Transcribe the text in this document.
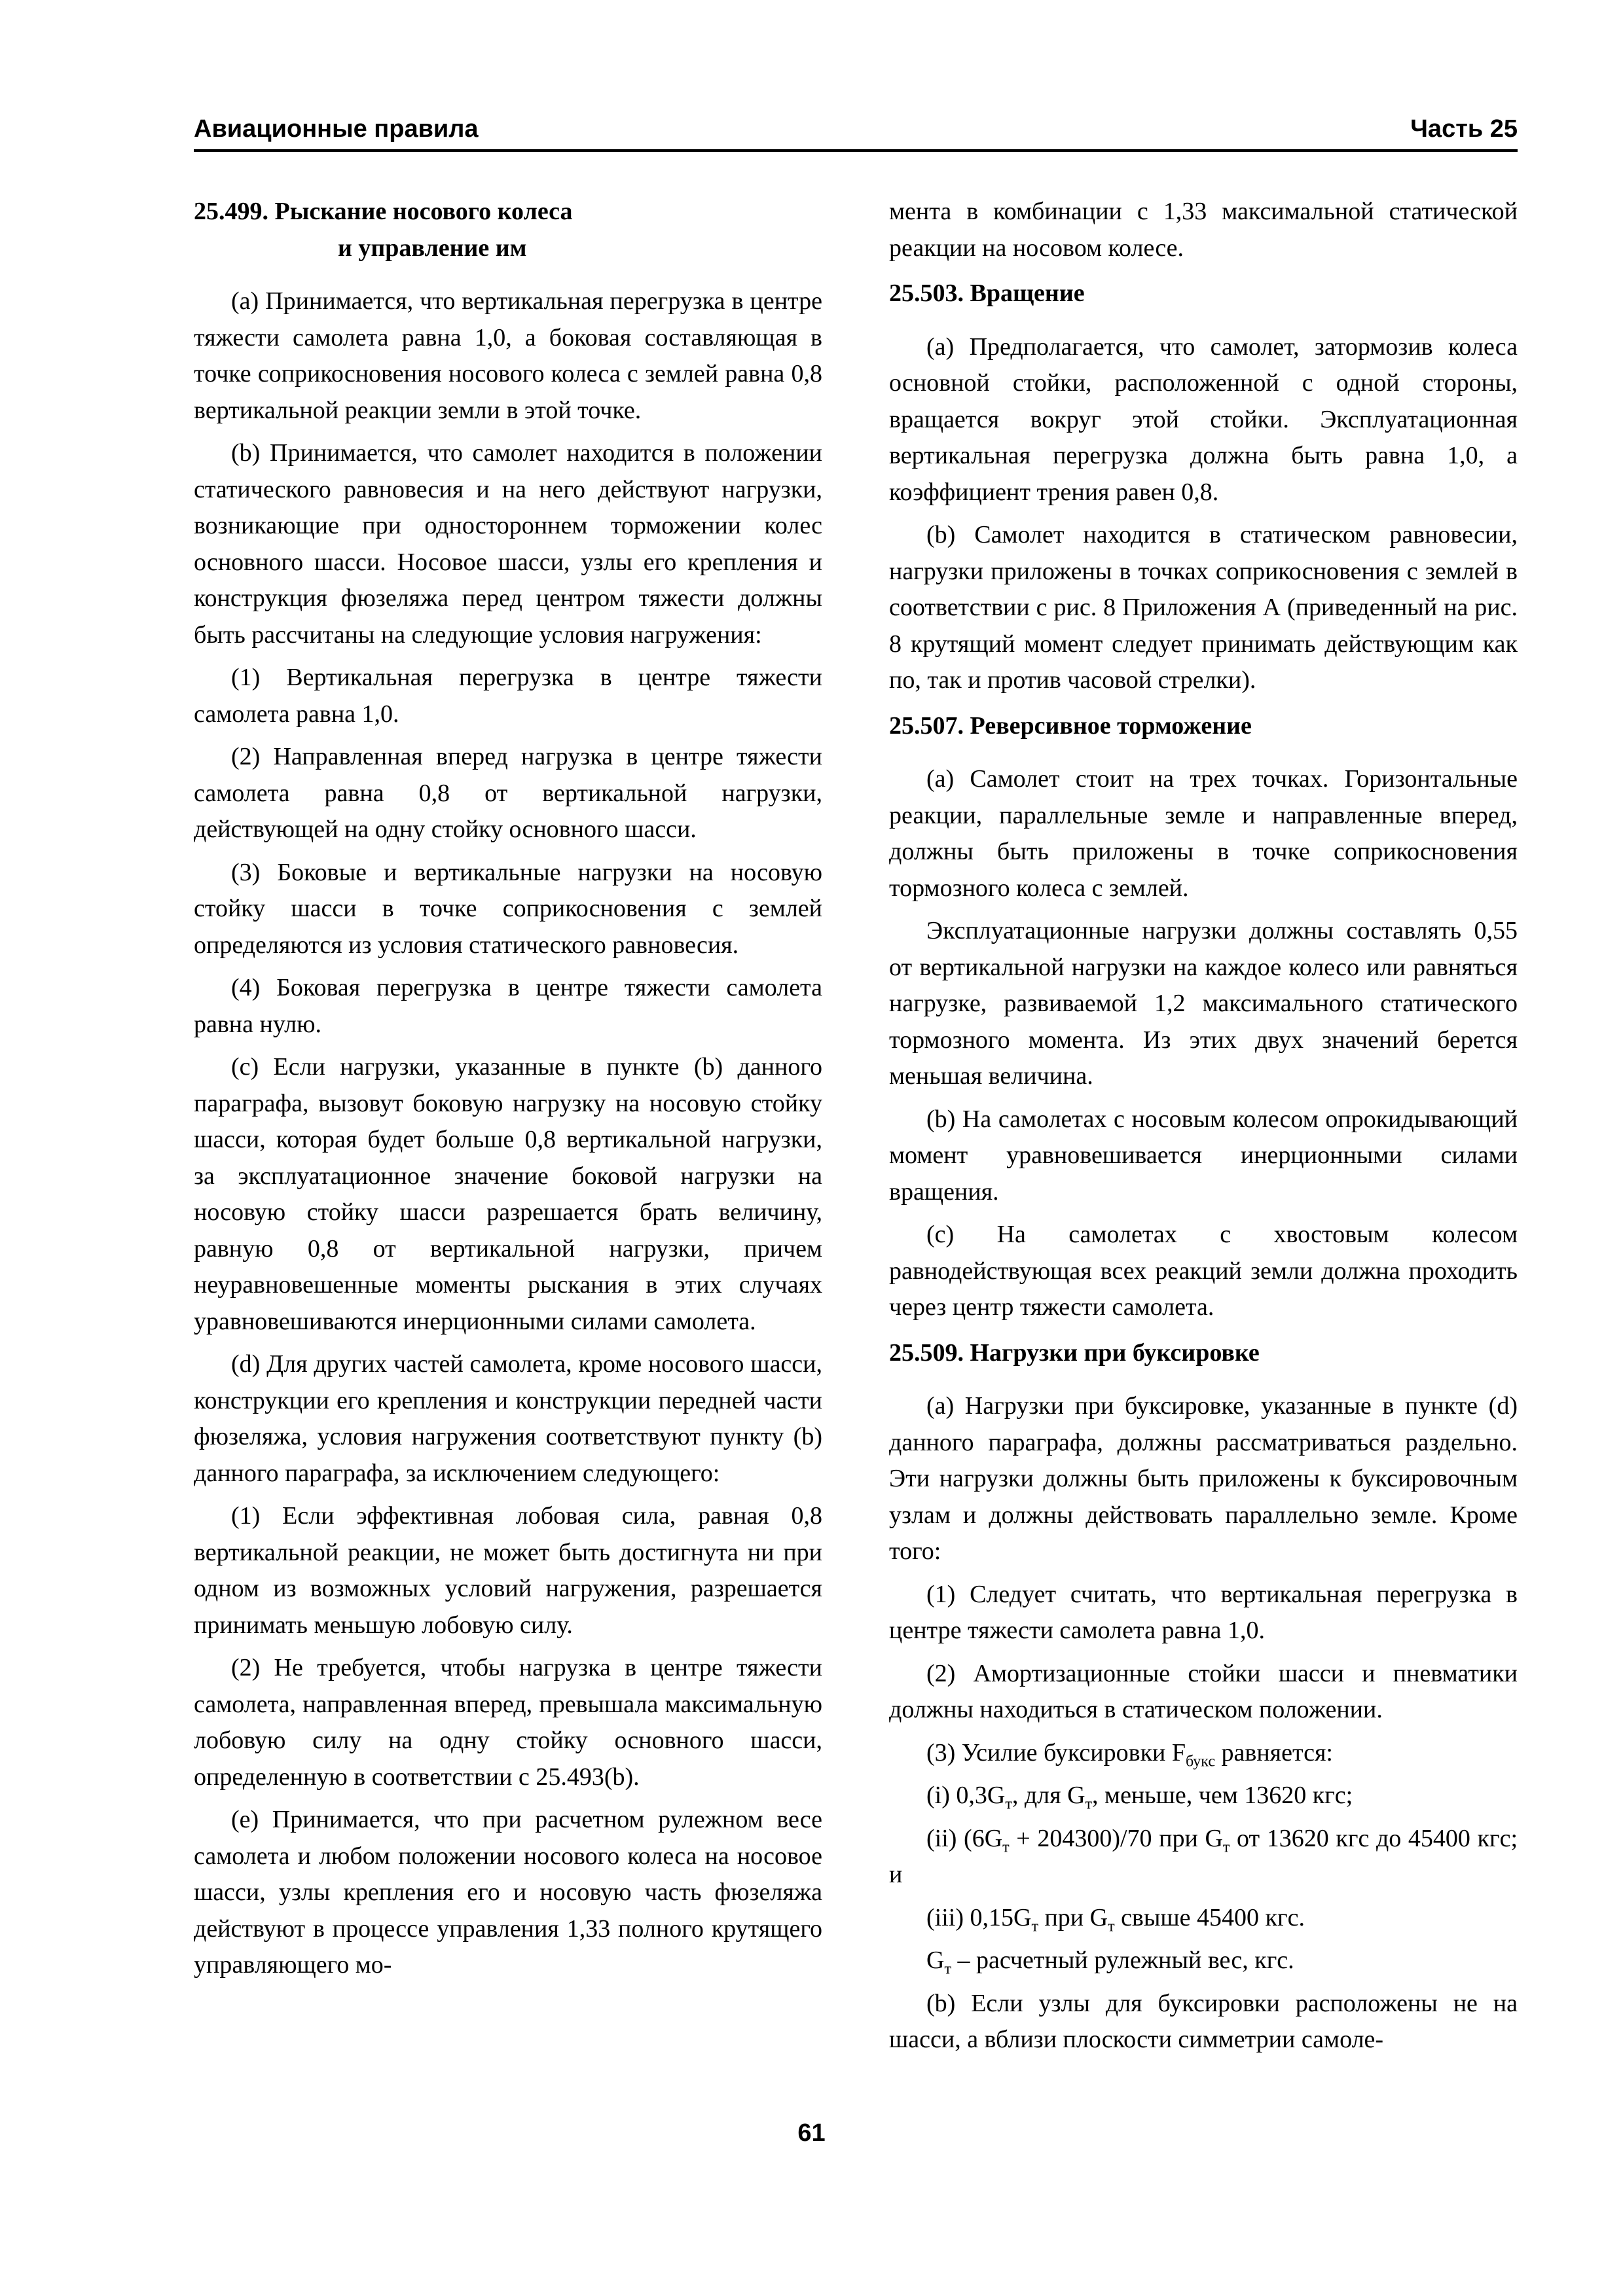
Авиационные правила	Часть 25
25.499. Рыскание носового колеса
и управление им

(a) Принимается, что вертикальная перегрузка в центре тяжести самолета равна 1,0, а боковая составляющая в точке соприкосновения носового колеса с землей равна 0,8 вертикальной реакции земли в этой точке.

(b) Принимается, что самолет находится в положении статического равновесия и на него действуют нагрузки, возникающие при одностороннем торможении колес основного шасси. Носовое шасси, узлы его крепления и конструкция фюзеляжа перед центром тяжести должны быть рассчитаны на следующие условия нагружения:

(1) Вертикальная перегрузка в центре тяжести самолета равна 1,0.

(2) Направленная вперед нагрузка в центре тяжести самолета равна 0,8 от вертикальной нагрузки, действующей на одну стойку основного шасси.

(3) Боковые и вертикальные нагрузки на носовую стойку шасси в точке соприкосновения с землей определяются из условия статического равновесия.

(4) Боковая перегрузка в центре тяжести самолета равна нулю.

(c) Если нагрузки, указанные в пункте (b) данного параграфа, вызовут боковую нагрузку на носовую стойку шасси, которая будет больше 0,8 вертикальной нагрузки, за эксплуатационное значение боковой нагрузки на носовую стойку шасси разрешается брать величину, равную 0,8 от вертикальной нагрузки, причем неуравновешенные моменты рыскания в этих случаях уравновешиваются инерционными силами самолета.

(d) Для других частей самолета, кроме носового шасси, конструкции его крепления и конструкции передней части фюзеляжа, условия нагружения соответствуют пункту (b) данного параграфа, за исключением следующего:

(1) Если эффективная лобовая сила, равная 0,8 вертикальной реакции, не может быть достигнута ни при одном из возможных условий нагружения, разрешается принимать меньшую лобовую силу.

(2) Не требуется, чтобы нагрузка в центре тяжести самолета, направленная вперед, превышала максимальную лобовую силу на одну стойку основного шасси, определенную в соответствии с 25.493(b).

(e) Принимается, что при расчетном рулежном весе самолета и любом положении носового колеса на носовое шасси, узлы крепления его и носовую часть фюзеляжа действуют в процессе управления 1,33 полного крутящего управляющего мо-

мента в комбинации с 1,33 максимальной статической реакции на носовом колесе.

25.503. Вращение

(a) Предполагается, что самолет, затормозив колеса основной стойки, расположенной с одной стороны, вращается вокруг этой стойки. Эксплуатационная вертикальная перегрузка должна быть равна 1,0, а коэффициент трения равен 0,8.

(b) Самолет находится в статическом равновесии, нагрузки приложены в точках соприкосновения с землей в соответствии с рис. 8 Приложения А (приведенный на рис. 8 крутящий момент следует принимать действующим как по, так и против часовой стрелки).

25.507. Реверсивное торможение

(a) Самолет стоит на трех точках. Горизонтальные реакции, параллельные земле и направленные вперед, должны быть приложены в точке соприкосновения тормозного колеса с землей.

Эксплуатационные нагрузки должны составлять 0,55 от вертикальной нагрузки на каждое колесо или равняться нагрузке, развиваемой 1,2 максимального статического тормозного момента. Из этих двух значений берется меньшая величина.

(b) На самолетах с носовым колесом опрокидывающий момент уравновешивается инерционными силами вращения.

(c) На самолетах с хвостовым колесом равнодействующая всех реакций земли должна проходить через центр тяжести самолета.

25.509. Нагрузки при буксировке

(a) Нагрузки при буксировке, указанные в пункте (d) данного параграфа, должны рассматриваться раздельно. Эти нагрузки должны быть приложены к буксировочным узлам и должны действовать параллельно земле. Кроме того:

(1) Следует считать, что вертикальная перегрузка в центре тяжести самолета равна 1,0.

(2) Амортизационные стойки шасси и пневматики должны находиться в статическом положении.

(3) Усилие буксировки $F_{букс}$ равняется:

(i) $0,3G_т$, для $G_т$, меньше, чем 13620 кгс;

(ii) $(6G_т + 204300)/70$ при $G_т$ от 13620 кгс до 45400 кгс; и

(iii) $0,15G_т$ при $G_т$ свыше 45400 кгс.

$G_т$ – расчетный рулежный вес, кгс.

(b) Если узлы для буксировки расположены не на шасси, а вблизи плоскости симметрии самоле-

61
